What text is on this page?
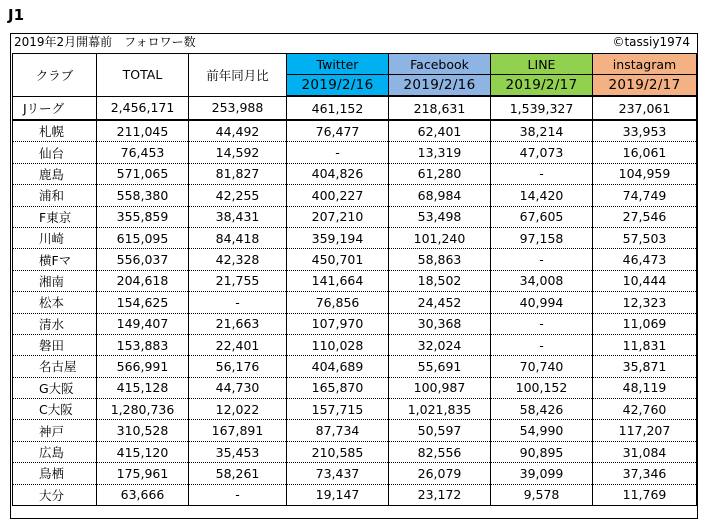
J1
2019年2月開幕前　フォロワー数	©tassiy1974
クラブ	TOTAL	前年同月比	Twitter	Facebook	LINE	instagram
			2019/2/16	2019/2/16	2019/2/17	2019/2/17
Jリーグ	2,456,171	253,988	461,152	218,631	1,539,327	237,061
札幌	211,045	44,492	76,477	62,401	38,214	33,953
仙台	76,453	14,592	-	13,319	47,073	16,061
鹿島	571,065	81,827	404,826	61,280	-	104,959
浦和	558,380	42,255	400,227	68,984	14,420	74,749
F東京	355,859	38,431	207,210	53,498	67,605	27,546
川崎	615,095	84,418	359,194	101,240	97,158	57,503
横Fマ	556,037	42,328	450,701	58,863	-	46,473
湘南	204,618	21,755	141,664	18,502	34,008	10,444
松本	154,625	-	76,856	24,452	40,994	12,323
清水	149,407	21,663	107,970	30,368	-	11,069
磐田	153,883	22,401	110,028	32,024	-	11,831
名古屋	566,991	56,176	404,689	55,691	70,740	35,871
G大阪	415,128	44,730	165,870	100,987	100,152	48,119
C大阪	1,280,736	12,022	157,715	1,021,835	58,426	42,760
神戸	310,528	167,891	87,734	50,597	54,990	117,207
広島	415,120	35,453	210,585	82,556	90,895	31,084
鳥栖	175,961	58,261	73,437	26,079	39,099	37,346
大分	63,666	-	19,147	23,172	9,578	11,769
